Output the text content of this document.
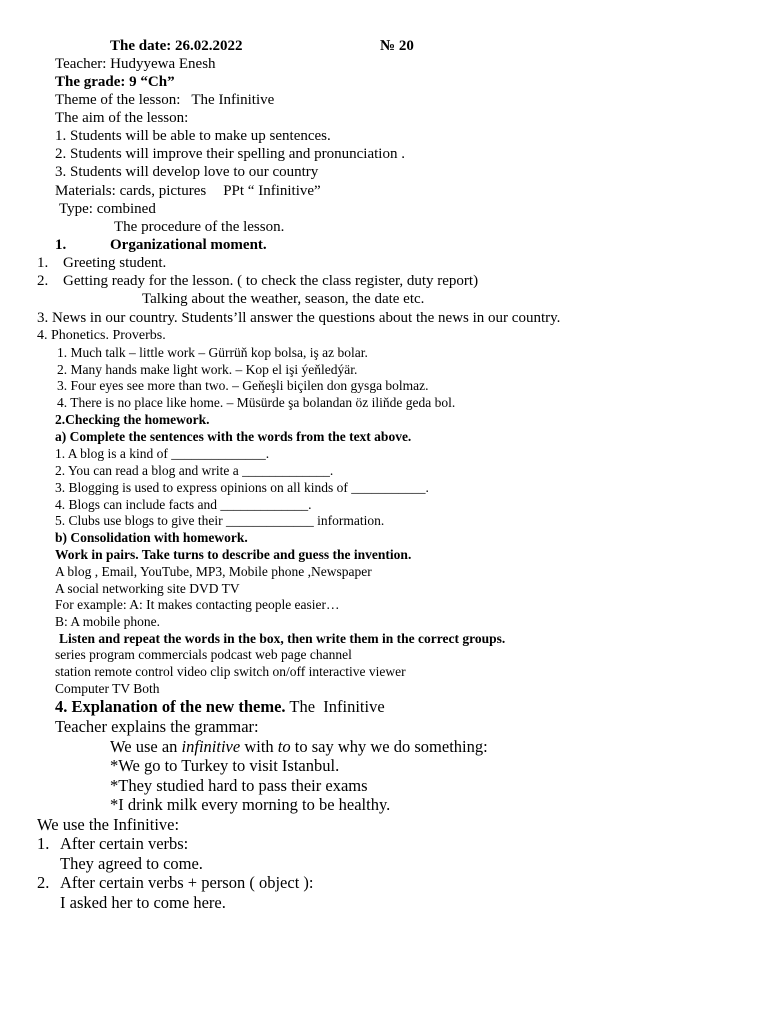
The date: 26.02.2022	№ 20
Teacher: Hudyyewa Enesh
The grade: 9 “Ch”
Theme of the lesson: The Infinitive
The aim of the lesson:
1. Students will be able to make up sentences.
2. Students will improve their spelling and pronunciation .
3. Students will develop love to our country
Materials: cards, pictures PPt “ Infinitive”
Type: combined
The procedure of the lesson.
1.	Organizational moment.
1. Greeting student.
2. Getting ready for the lesson. ( to check the class register, duty report)
Talking about the weather, season, the date etc.
3. News in our country. Students’ll answer the questions about the news in our country.
4. Phonetics. Proverbs.
1. Much talk – little work – Gürrüň kop bolsa, iş az bolar.
2. Many hands make light work. – Kop el işi ýeňledýär.
3. Four eyes see more than two. – Geňeşli biçilen don gysga bolmaz.
4. There is no place like home. – Müsürde şa bolandan öz iliňde geda bol.
2.Checking the homework.
a) Complete the sentences with the words from the text above.
1. A blog is a kind of ______________.
2. You can read a blog and write a _____________.
3. Blogging is used to express opinions on all kinds of ___________.
4. Blogs can include facts and _____________.
5. Clubs use blogs to give their _____________ information.
b) Consolidation with homework.
Work in pairs. Take turns to describe and guess the invention.
A blog , Email, YouTube, MP3, Mobile phone ,Newspaper
A social networking site DVD TV
For example: A: It makes contacting people easier…
B: A mobile phone.
Listen and repeat the words in the box, then write them in the correct groups.
series program commercials podcast web page channel
station remote control video clip switch on/off interactive viewer
Computer TV Both
4. Explanation of the new theme. The  Infinitive
Teacher explains the grammar:
We use an infinitive with to to say why we do something:
*We go to Turkey to visit Istanbul.
*They studied hard to pass their exams
*I drink milk every morning to be healthy.
We use the Infinitive:
1. After certain verbs:
They agreed to come.
2. After certain verbs + person ( object ):
I asked her to come here.
